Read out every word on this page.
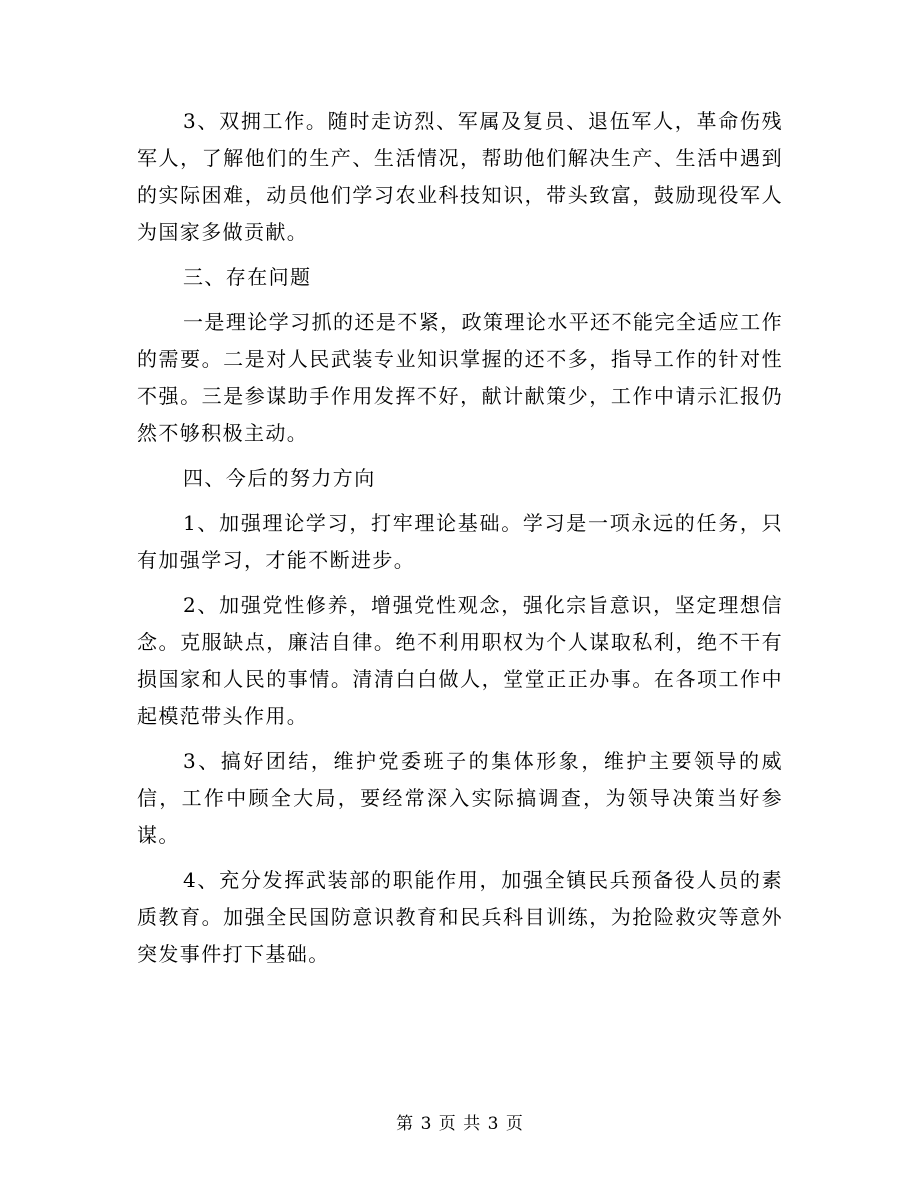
3、双拥工作。随时走访烈、军属及复员、退伍军人，革命伤残军人，了解他们的生产、生活情况，帮助他们解决生产、生活中遇到的实际困难，动员他们学习农业科技知识，带头致富，鼓励现役军人为国家多做贡献。

三、存在问题

一是理论学习抓的还是不紧，政策理论水平还不能完全适应工作的需要。二是对人民武装专业知识掌握的还不多，指导工作的针对性不强。三是参谋助手作用发挥不好，献计献策少，工作中请示汇报仍然不够积极主动。

四、今后的努力方向

1、加强理论学习，打牢理论基础。学习是一项永远的任务，只有加强学习，才能不断进步。

2、加强党性修养，增强党性观念，强化宗旨意识，坚定理想信念。克服缺点，廉洁自律。绝不利用职权为个人谋取私利，绝不干有损国家和人民的事情。清清白白做人，堂堂正正办事。在各项工作中起模范带头作用。

3、搞好团结，维护党委班子的集体形象，维护主要领导的威信，工作中顾全大局，要经常深入实际搞调查，为领导决策当好参谋。

4、充分发挥武装部的职能作用，加强全镇民兵预备役人员的素质教育。加强全民国防意识教育和民兵科目训练，为抢险救灾等意外突发事件打下基础。

第 3 页 共 3 页
